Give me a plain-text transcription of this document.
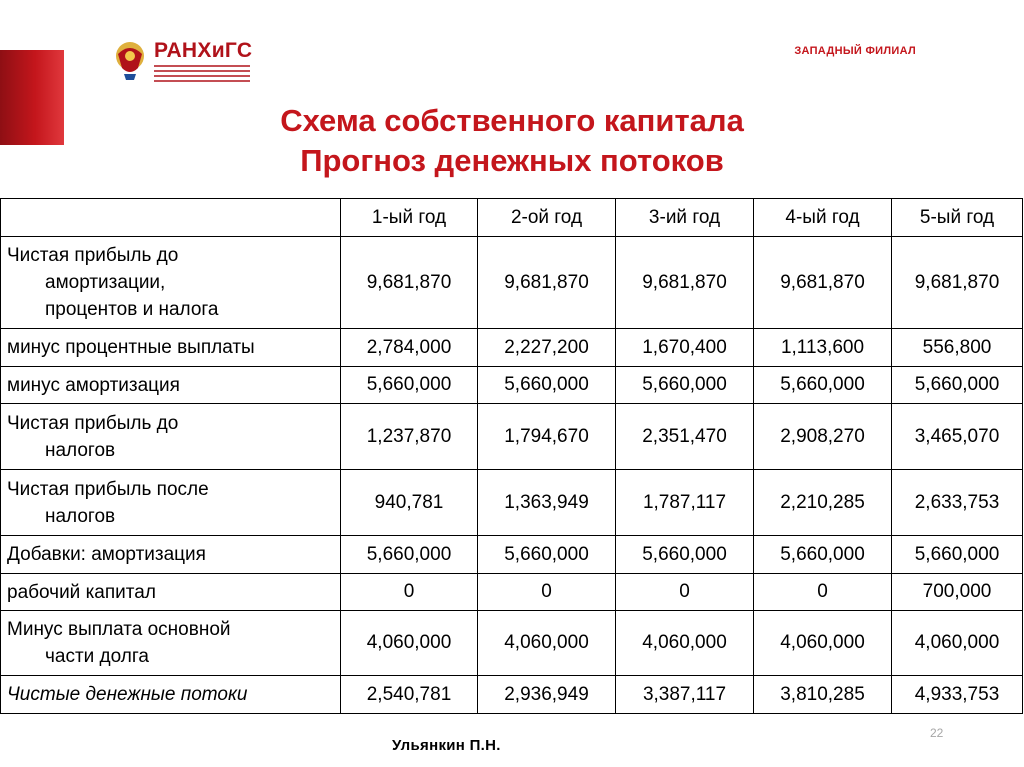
РАНХиГС	ЗАПАДНЫЙ ФИЛИАЛ
Схема собственного капитала
Прогноз денежных потоков
	1-ый год	2-ой год	3-ий год	4-ый год	5-ый год
Чистая прибыль до
амортизации,
процентов и налога	9,681,870	9,681,870	9,681,870	9,681,870	9,681,870
минус процентные выплаты	2,784,000	2,227,200	1,670,400	1,113,600	556,800
минус амортизация	5,660,000	5,660,000	5,660,000	5,660,000	5,660,000
Чистая прибыль до
налогов	1,237,870	1,794,670	2,351,470	2,908,270	3,465,070
Чистая прибыль после
налогов	940,781	1,363,949	1,787,117	2,210,285	2,633,753
Добавки: амортизация	5,660,000	5,660,000	5,660,000	5,660,000	5,660,000
рабочий капитал	0	0	0	0	700,000
Минус выплата основной
части долга	4,060,000	4,060,000	4,060,000	4,060,000	4,060,000
Чистые денежные потоки	2,540,781	2,936,949	3,387,117	3,810,285	4,933,753
Ульянкин П.Н.
22
